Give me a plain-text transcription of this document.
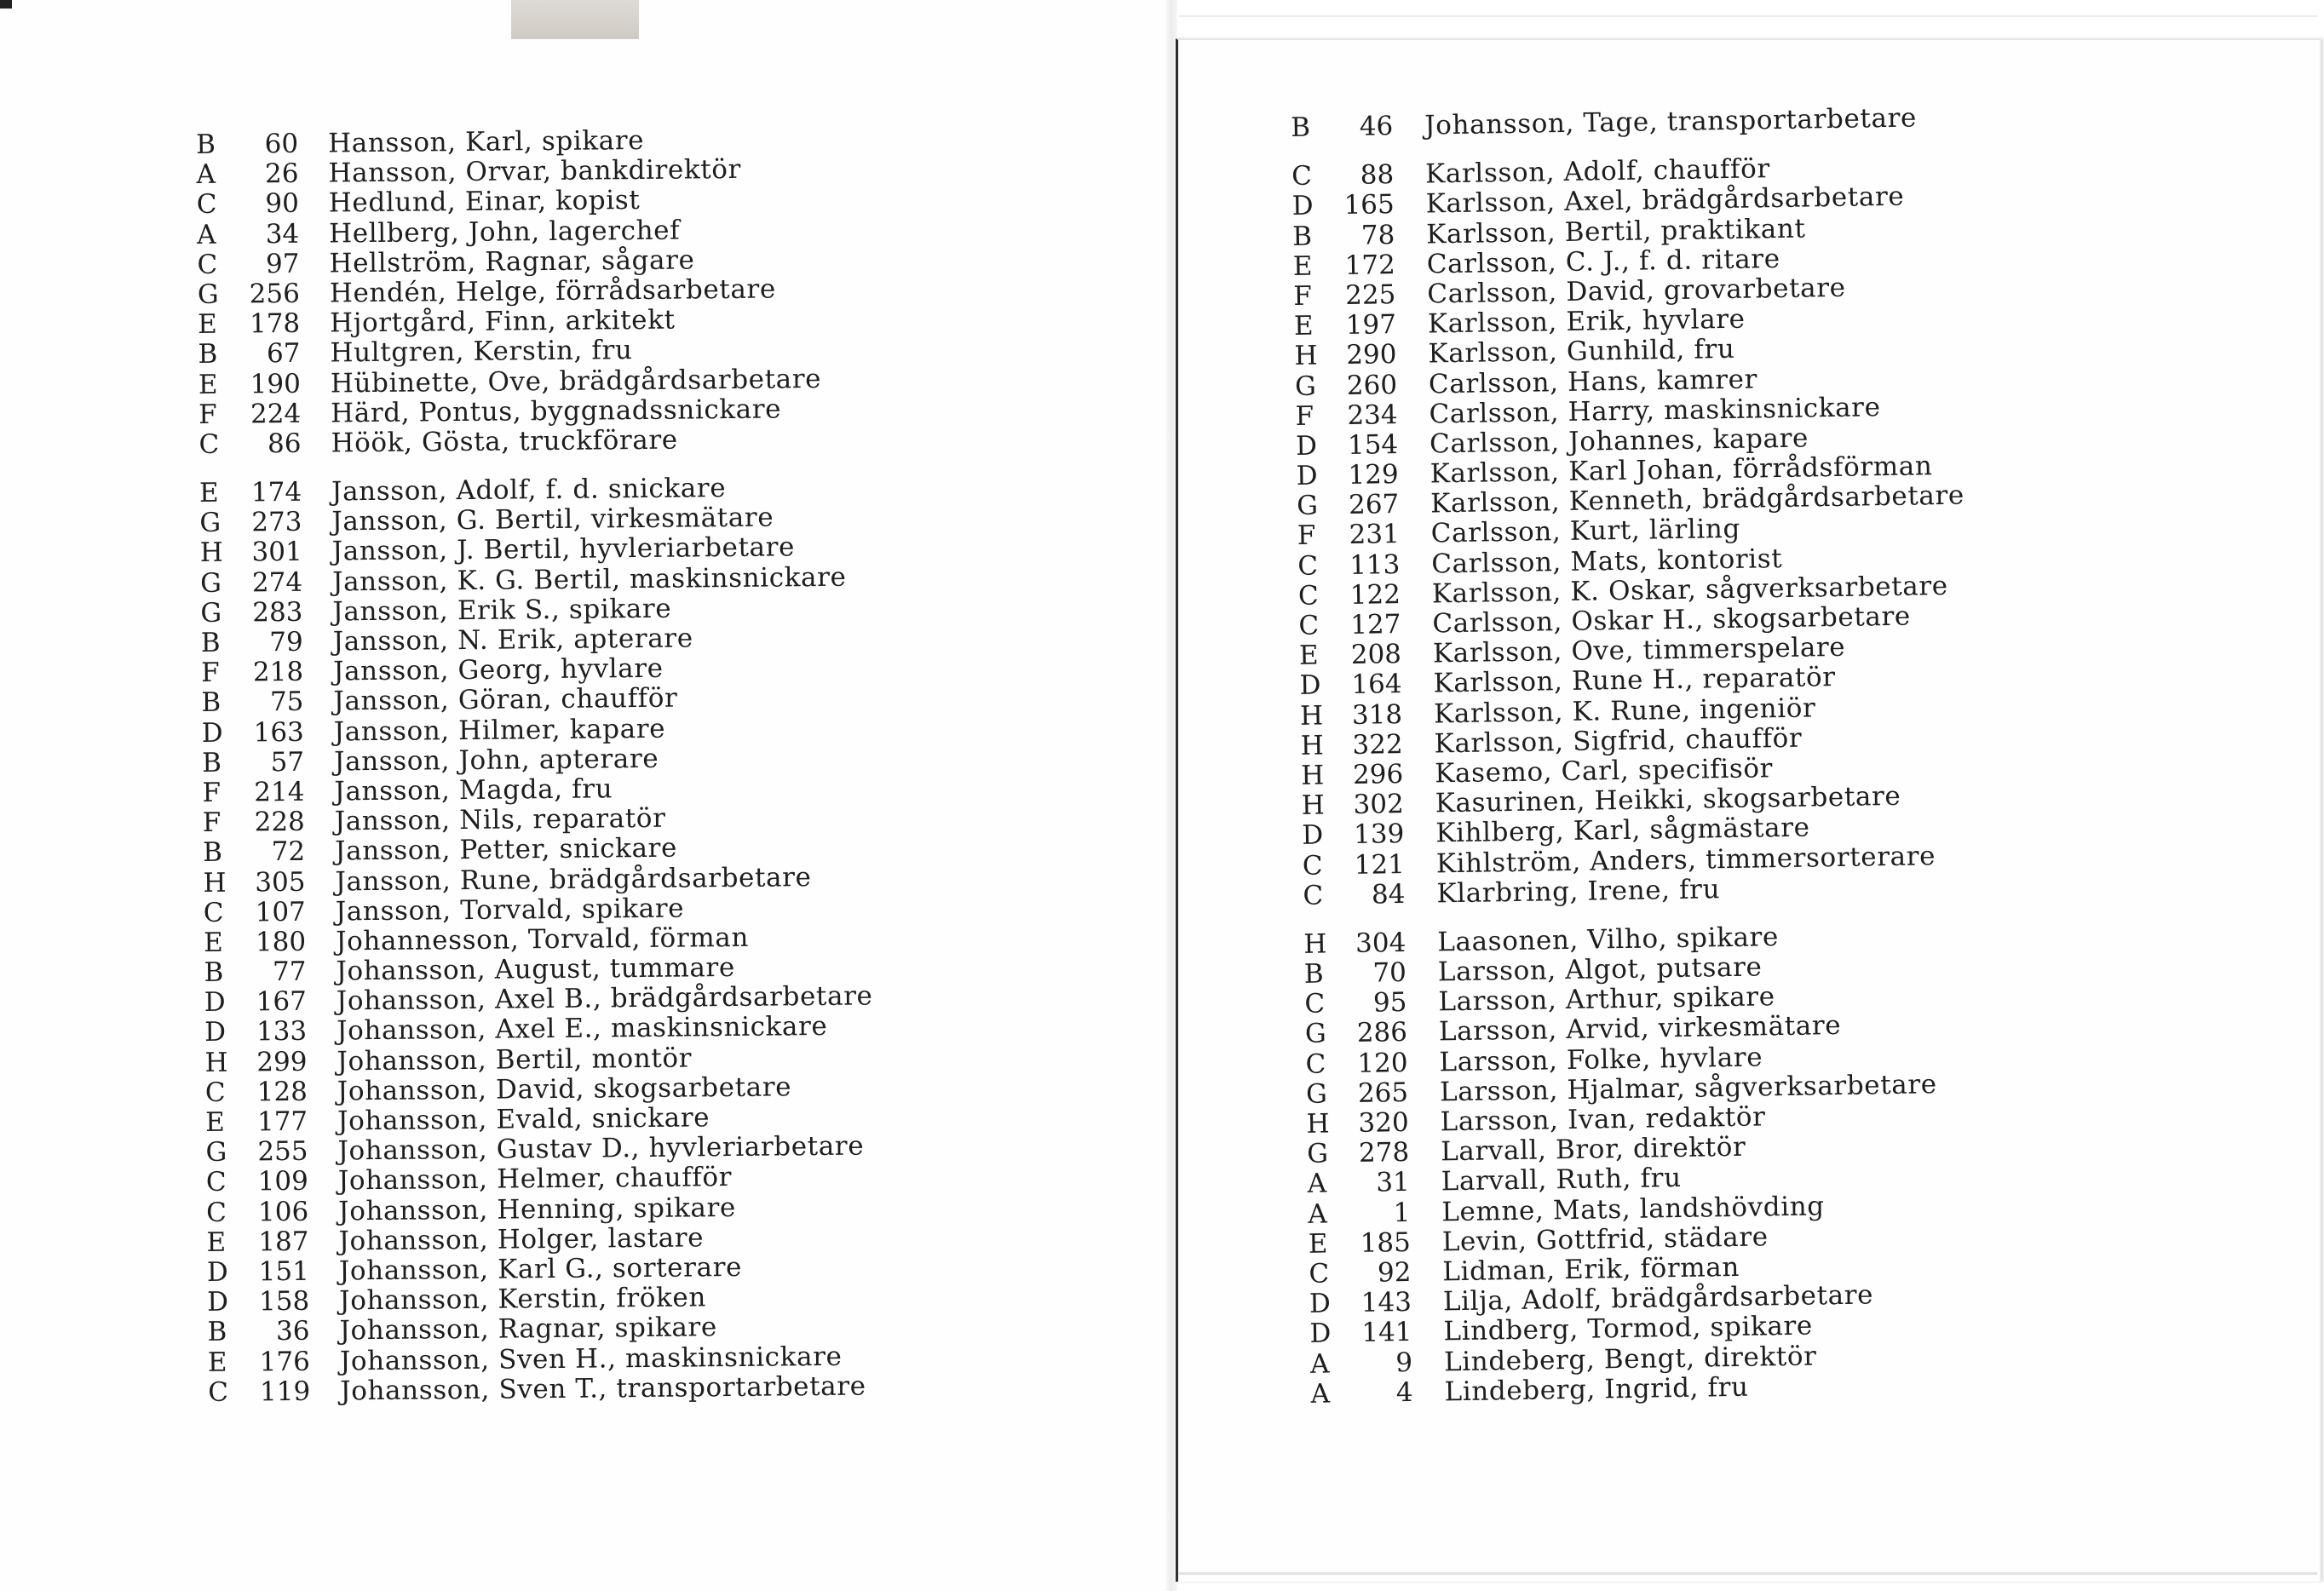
B	60 Hansson, Karl, spikare
A	26 Hansson, Orvar, bankdirektör
C	90 Hedlund, Einar, kopist
A	34 Hellberg, John, lagerchef
C	97 Hellström, Ragnar, sågare
G	256 Hendén, Helge, förrådsarbetare
E	178 Hjortgård, Finn, arkitekt
B	67 Hultgren, Kerstin, fru
E	190 Hübinette, Ove, brädgårdsarbetare
F	224 Härd, Pontus, byggnadssnickare
C	86 Höök, Gösta, truckförare
E	174 Jansson, Adolf, f. d. snickare
G	273 Jansson, G. Bertil, virkesmätare
H	301 Jansson, J. Bertil, hyvleriarbetare
G	274 Jansson, K. G. Bertil, maskinsnickare
G	283 Jansson, Erik S., spikare
B	79 Jansson, N. Erik, apterare
F	218 Jansson, Georg, hyvlare
B	75 Jansson, Göran, chaufför
D	163 Jansson, Hilmer, kapare
B	57 Jansson, John, apterare
F	214 Jansson, Magda, fru
F	228 Jansson, Nils, reparatör
B	72 Jansson, Petter, snickare
H	305 Jansson, Rune, brädgårdsarbetare
C	107 Jansson, Torvald, spikare
E	180 Johannesson, Torvald, förman
B	77 Johansson, August, tummare
D	167 Johansson, Axel B., brädgårdsarbetare
D	133 Johansson, Axel E., maskinsnickare
H	299 Johansson, Bertil, montör
C	128 Johansson, David, skogsarbetare
E	177 Johansson, Evald, snickare
G	255 Johansson, Gustav D., hyvleriarbetare
C	109 Johansson, Helmer, chaufför
C	106 Johansson, Henning, spikare
E	187 Johansson, Holger, lastare
D	151 Johansson, Karl G., sorterare
D	158 Johansson, Kerstin, fröken
B	36 Johansson, Ragnar, spikare
E	176 Johansson, Sven H., maskinsnickare
C	119 Johansson, Sven T., transportarbetare
B	46 Johansson, Tage, transportarbetare
C	88 Karlsson, Adolf, chaufför
D	165 Karlsson, Axel, brädgårdsarbetare
B	78 Karlsson, Bertil, praktikant
E	172 Carlsson, C. J., f. d. ritare
F	225 Carlsson, David, grovarbetare
E	197 Karlsson, Erik, hyvlare
H	290 Karlsson, Gunhild, fru
G	260 Carlsson, Hans, kamrer
F	234 Carlsson, Harry, maskinsnickare
D	154 Carlsson, Johannes, kapare
D	129 Karlsson, Karl Johan, förrådsförman
G	267 Karlsson, Kenneth, brädgårdsarbetare
F	231 Carlsson, Kurt, lärling
C	113 Carlsson, Mats, kontorist
C	122 Karlsson, K. Oskar, sågverksarbetare
C	127 Carlsson, Oskar H., skogsarbetare
E	208 Karlsson, Ove, timmerspelare
D	164 Karlsson, Rune H., reparatör
H	318 Karlsson, K. Rune, ingeniör
H	322 Karlsson, Sigfrid, chaufför
H	296 Kasemo, Carl, specifisör
H	302 Kasurinen, Heikki, skogsarbetare
D	139 Kihlberg, Karl, sågmästare
C	121 Kihlström, Anders, timmersorterare
C	84 Klarbring, Irene, fru
H	304 Laasonen, Vilho, spikare
B	70 Larsson, Algot, putsare
C	95 Larsson, Arthur, spikare
G	286 Larsson, Arvid, virkesmätare
C	120 Larsson, Folke, hyvlare
G	265 Larsson, Hjalmar, sågverksarbetare
H	320 Larsson, Ivan, redaktör
G	278 Larvall, Bror, direktör
A	31 Larvall, Ruth, fru
A	1 Lemne, Mats, landshövding
E	185 Levin, Gottfrid, städare
C	92 Lidman, Erik, förman
D	143 Lilja, Adolf, brädgårdsarbetare
D	141 Lindberg, Tormod, spikare
A	9 Lindeberg, Bengt, direktör
A	4 Lindeberg, Ingrid, fru
